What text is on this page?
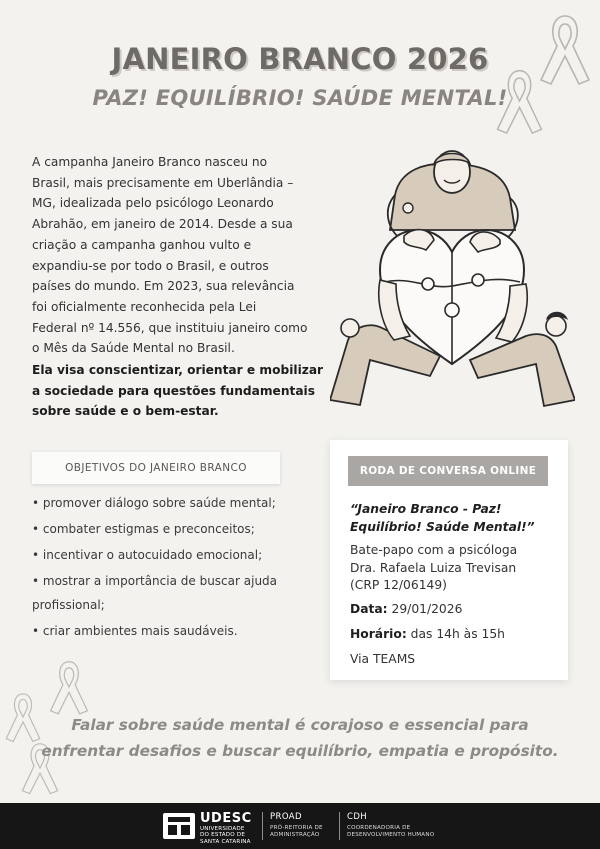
JANEIRO BRANCO 2026
PAZ! EQUILÍBRIO! SAÚDE MENTAL!
A campanha Janeiro Branco nasceu no
Brasil, mais precisamente em Uberlândia –
MG, idealizada pelo psicólogo Leonardo
Abrahão, em janeiro de 2014. Desde a sua
criação a campanha ganhou vulto e
expandiu-se por todo o Brasil, e outros
países do mundo. Em 2023, sua relevância
foi oficialmente reconhecida pela Lei
Federal nº 14.556, que instituiu janeiro como
o Mês da Saúde Mental no Brasil.
Ela visa conscientizar, orientar e mobilizar
a sociedade para questões fundamentais
sobre saúde e o bem-estar.
OBJETIVOS DO JANEIRO BRANCO
• promover diálogo sobre saúde mental;
• combater estigmas e preconceitos;
• incentivar o autocuidado emocional;
• mostrar a importância de buscar ajuda
profissional;
• criar ambientes mais saudáveis.
RODA DE CONVERSA ONLINE
“Janeiro Branco - Paz!
Equilíbrio! Saúde Mental!”
Bate-papo com a psicóloga
Dra. Rafaela Luiza Trevisan
(CRP 12/06149)
Data: 29/01/2026
Horário: das 14h às 15h
Via TEAMS
Falar sobre saúde mental é corajoso e essencial para
enfrentar desafios e buscar equilíbrio, empatia e propósito.
UDESC
UNIVERSIDADE
DO ESTADO DE
SANTA CATARINA
PROAD
PRÓ-REITORIA DE
ADMINISTRAÇÃO
CDH
COORDENADORIA DE
DESENVOLVIMENTO HUMANO
